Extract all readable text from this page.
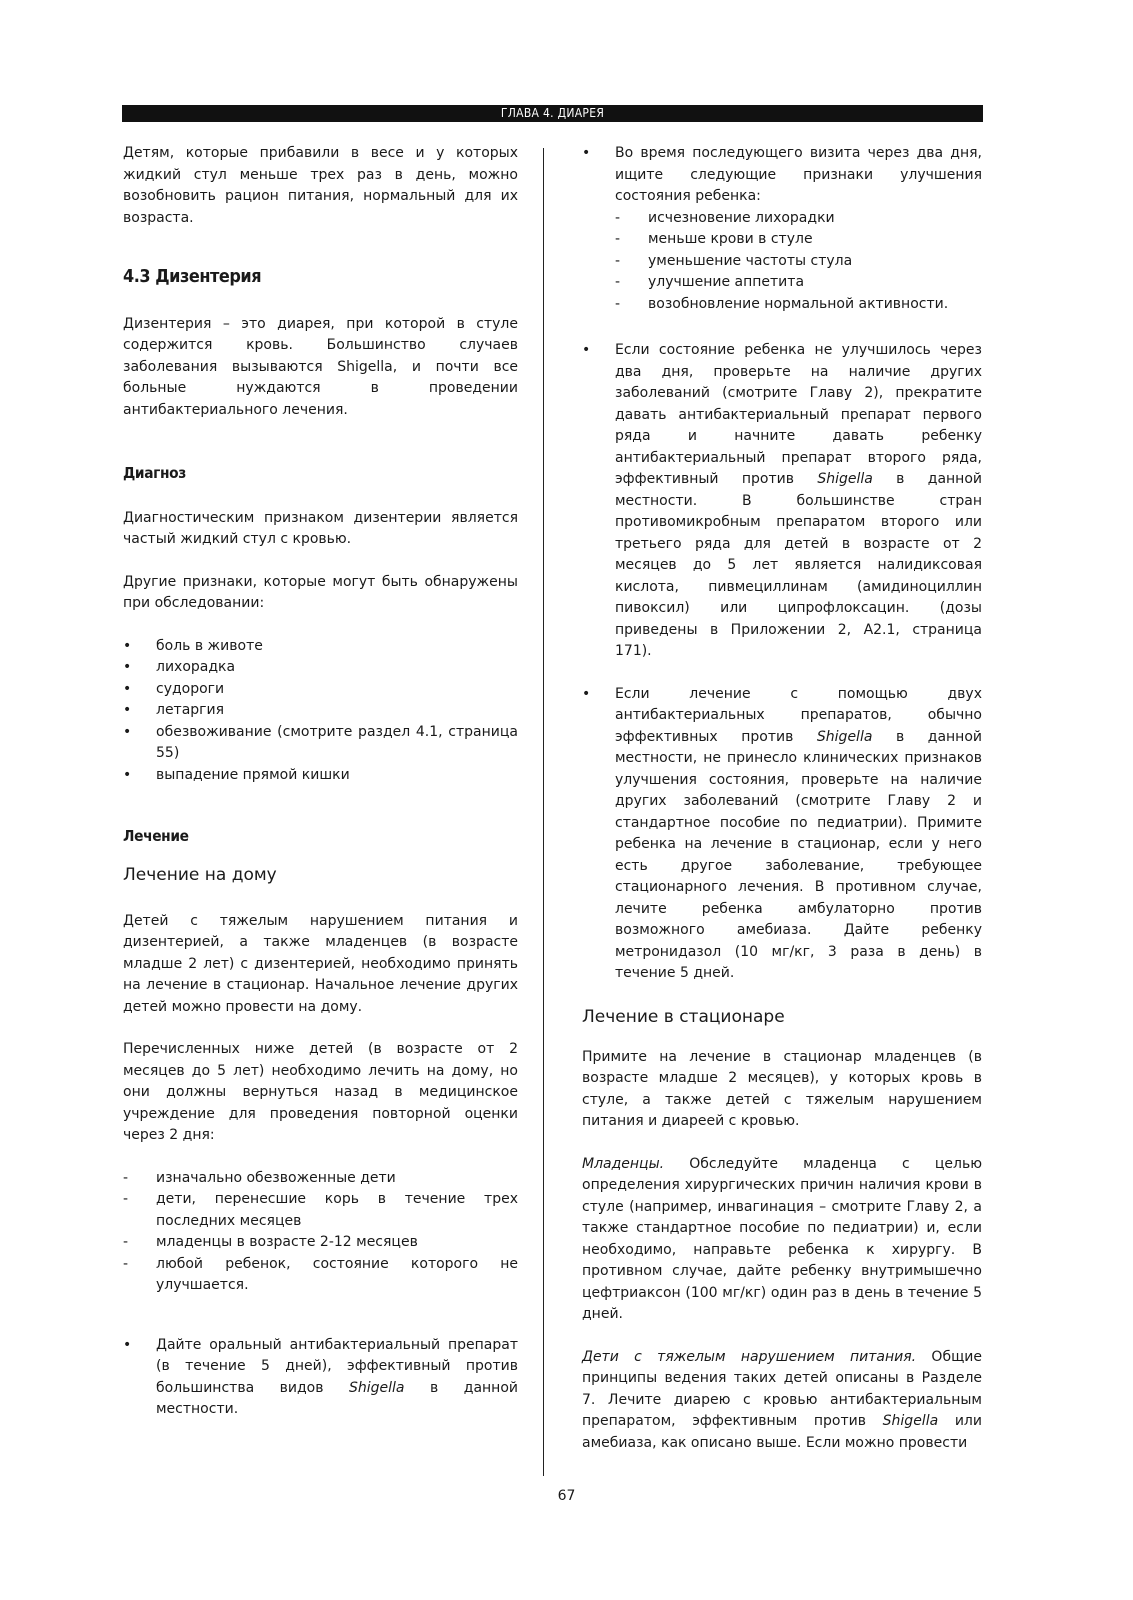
ГЛАВА 4. ДИАРЕЯ

Детям, которые прибавили в весе и у которых жидкий стул меньше трех раз в день, можно возобновить рацион питания, нормальный для их возраста.

4.3 Дизентерия

Дизентерия – это диарея, при которой в стуле содержится кровь. Большинство случаев заболевания вызываются Shigella, и почти все больные нуждаются в проведении антибактериального лечения.

Диагноз

Диагностическим признаком дизентерии является частый жидкий стул с кровью.

Другие признаки, которые могут быть обнаружены при обследовании:

• боль в животе
• лихорадка
• судороги
• летаргия
• обезвоживание (смотрите раздел 4.1, страница 55)
• выпадение прямой кишки
Лечение
Лечение на дому

Детей с тяжелым нарушением питания и дизентерией, а также младенцев (в возрасте младше 2 лет) с дизентерией, необходимо принять на лечение в стационар. Начальное лечение других детей можно провести на дому.

Перечисленных ниже детей (в возрасте от 2 месяцев до 5 лет) необходимо лечить на дому, но они должны вернуться назад в медицинское учреждение для проведения повторной оценки через 2 дня:

- изначально обезвоженные дети
- дети, перенесшие корь в течение трех последних месяцев
- младенцы в возрасте 2-12 месяцев
- любой ребенок, состояние которого не улучшается.
• Дайте оральный антибактериальный препарат (в течение 5 дней), эффективный против большинства видов Shigella в данной местности.
• Во время последующего визита через два дня, ищите следующие признаки улучшения состояния ребенка:
- исчезновение лихорадки
- меньше крови в стуле
- уменьшение частоты стула
- улучшение аппетита
- возобновление нормальной активности.
• Если состояние ребенка не улучшилось через два дня, проверьте на наличие других заболеваний (смотрите Главу 2), прекратите давать антибактериальный препарат первого ряда и начните давать ребенку антибактериальный препарат второго ряда, эффективный против Shigella в данной местности. В большинстве стран противомикробным препаратом второго или третьего ряда для детей в возрасте от 2 месяцев до 5 лет является налидиксовая кислота, пивмециллинам (амидиноциллин пивоксил) или ципрофлоксацин. (дозы приведены в Приложении 2, А2.1, страница 171).
• Если лечение с помощью двух антибактериальных препаратов, обычно эффективных против Shigella в данной местности, не принесло клинических признаков улучшения состояния, проверьте на наличие других заболеваний (смотрите Главу 2 и стандартное пособие по педиатрии). Примите ребенка на лечение в стационар, если у него есть другое заболевание, требующее стационарного лечения. В противном случае, лечите ребенка амбулаторно против возможного амебиаза. Дайте ребенку метронидазол (10 мг/кг, 3 раза в день) в течение 5 дней.
Лечение в стационаре

Примите на лечение в стационар младенцев (в возрасте младше 2 месяцев), у которых кровь в стуле, а также детей с тяжелым нарушением питания и диареей с кровью.

Младенцы. Обследуйте младенца с целью определения хирургических причин наличия крови в стуле (например, инвагинация – смотрите Главу 2, а также стандартное пособие по педиатрии) и, если необходимо, направьте ребенка к хирургу. В противном случае, дайте ребенку внутримышечно цефтриаксон (100 мг/кг) один раз в день в течение 5 дней.

Дети с тяжелым нарушением питания. Общие принципы ведения таких детей описаны в Разделе 7. Лечите диарею с кровью антибактериальным препаратом, эффективным против Shigella или амебиаза, как описано выше. Если можно провести

67
